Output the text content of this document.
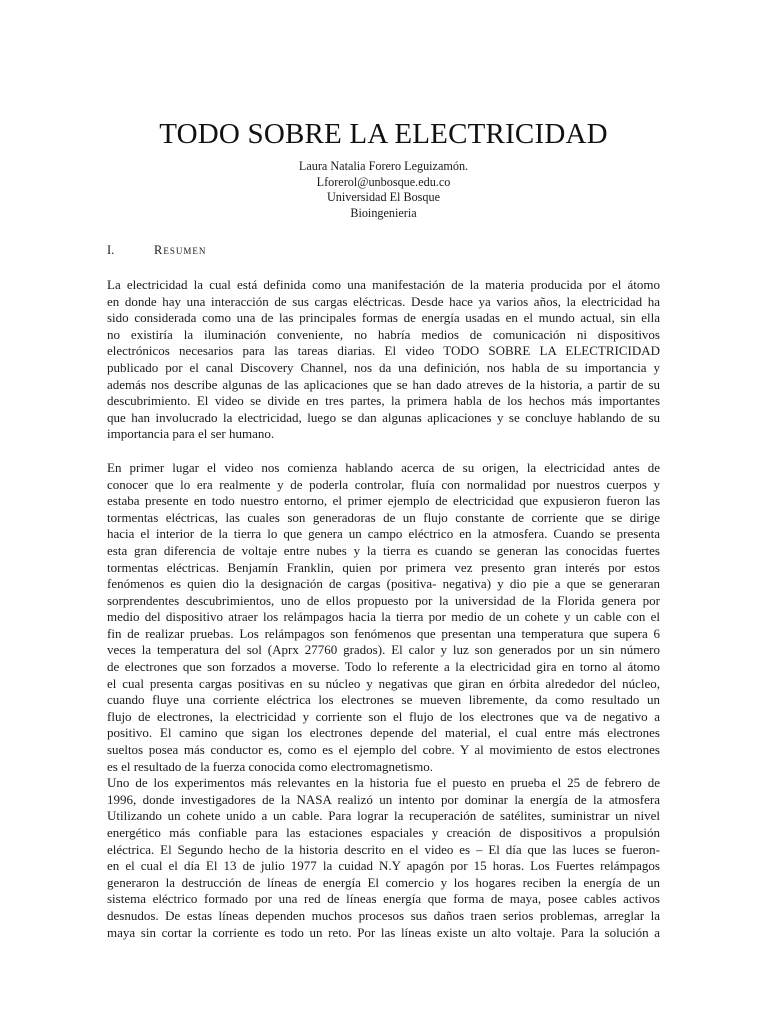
TODO SOBRE LA ELECTRICIDAD
Laura Natalia Forero Leguizamón.
Lforerol@unbosque.edu.co
Universidad El Bosque
Bioingenieria
I.	Resumen

La electricidad la cual está definida como una manifestación de la materia producida por el átomo
en donde hay una interacción de sus cargas eléctricas. Desde hace ya varios años, la electricidad ha
sido considerada como una de las principales formas de energía usadas en el mundo actual, sin ella
no existiría la iluminación conveniente, no habría medios de comunicación ni dispositivos
electrónicos necesarios para las tareas diarias. El video TODO SOBRE LA ELECTRICIDAD
publicado por el canal Discovery Channel, nos da una definición, nos habla de su importancia y
además nos describe algunas de las aplicaciones que se han dado atreves de la historia, a partir de su
descubrimiento. El video se divide en tres partes, la primera habla de los hechos más importantes
que han involucrado la electricidad, luego se dan algunas aplicaciones y se concluye hablando de su
importancia para el ser humano.

En primer lugar el video nos comienza hablando acerca de su origen, la electricidad antes de
conocer que lo era realmente y de poderla controlar, fluía con normalidad por nuestros cuerpos y
estaba presente en todo nuestro entorno, el primer ejemplo de electricidad que expusieron fueron las
tormentas eléctricas, las cuales son generadoras de un flujo constante de corriente que se dirige
hacia el interior de la tierra lo que genera un campo eléctrico en la atmosfera. Cuando se presenta
esta gran diferencia de voltaje entre nubes y la tierra es cuando se generan las conocidas fuertes
tormentas eléctricas. Benjamín Franklin, quien por primera vez presento gran interés por estos
fenómenos es quien dio la designación de cargas (positiva- negativa) y dio pie a que se generaran
sorprendentes descubrimientos, uno de ellos propuesto por la universidad de la Florida genera por
medio del dispositivo atraer los relámpagos hacia la tierra por medio de un cohete y un cable con el
fin de realizar pruebas. Los relámpagos son fenómenos que presentan una temperatura que supera 6
veces la temperatura del sol (Aprx 27760 grados). El calor y luz son generados por un sin número
de electrones que son forzados a moverse. Todo lo referente a la electricidad gira en torno al átomo
el cual presenta cargas positivas en su núcleo y negativas que giran en órbita alrededor del núcleo,
cuando fluye una corriente eléctrica los electrones se mueven libremente, da como resultado un
flujo de electrones, la electricidad y corriente son el flujo de los electrones que va de negativo a
positivo. El camino que sigan los electrones depende del material, el cual entre más electrones
sueltos posea más conductor es, como es el ejemplo del cobre. Y al movimiento de estos electrones
es el resultado de la fuerza conocida como electromagnetismo.

Uno de los experimentos más relevantes en la historia fue el puesto en prueba el 25 de febrero de
1996, donde investigadores de la NASA realizó un intento por dominar la energía de la atmosfera
Utilizando un cohete unido a un cable. Para lograr la recuperación de satélites, suministrar un nivel
energético más confiable para las estaciones espaciales y creación de dispositivos a propulsión
eléctrica. El Segundo hecho de la historia descrito en el video es – El día que las luces se fueron-
en el cual el día El 13 de julio 1977 la cuidad N.Y apagón por 15 horas. Los Fuertes relámpagos
generaron la destrucción de líneas de energía El comercio y los hogares reciben la energía de un
sistema eléctrico formado por una red de líneas energía que forma de maya, posee cables activos
desnudos. De estas líneas dependen muchos procesos sus daños traen serios problemas, arreglar la
maya sin cortar la corriente es todo un reto. Por las líneas existe un alto voltaje. Para la solución a
